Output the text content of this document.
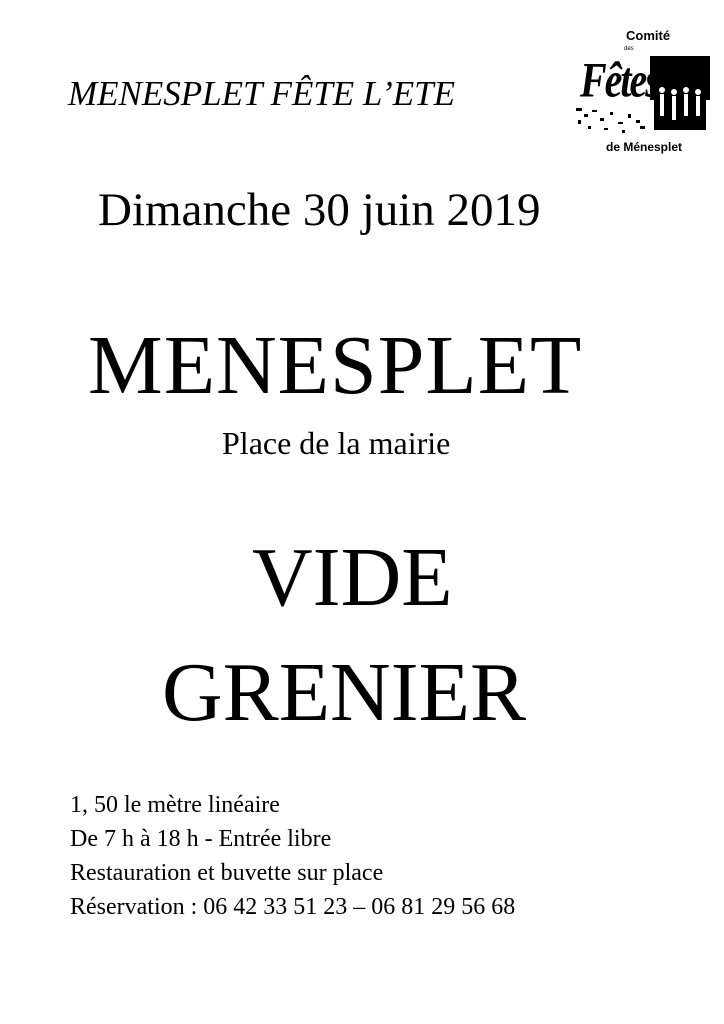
MENESPLET FÊTE L’ETE
Comité
des
Fêtes
de Ménesplet
Dimanche 30 juin 2019
MENESPLET
Place de la mairie
VIDE
GRENIER
1, 50 le mètre linéaire
De 7 h à 18 h - Entrée libre
Restauration et buvette sur place
Réservation : 06 42 33 51 23 – 06 81 29 56 68
